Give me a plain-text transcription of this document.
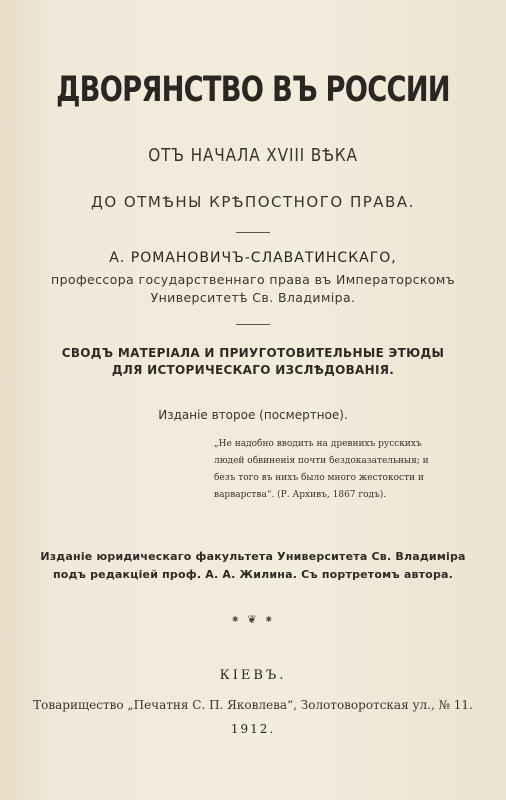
ДВОРЯНСТВО ВЪ РОССИИ
ОТЪ НАЧАЛА XVIII ВѢКА
ДО ОТМѢНЫ КРѢПОСТНОГО ПРАВА.
А. РОМАНОВИЧЪ-СЛАВАТИНСКАГО,
профессора государственнаго права въ Императорскомъ
Университетѣ Св. Владиміра.
СВОДЪ МАТЕРIАЛА И ПРИУГОТОВИТЕЛЬНЫЕ ЭТЮДЫ
ДЛЯ ИСТОРИЧЕСКАГО ИЗСЛѢДОВАНIЯ.
Изданіе второе (посмертное).
„Не надобно вводить на древнихъ русскихъ
людей обвиненія почти бездоказательныя; и
безъ того въ нихъ было много жестокости и
варварства“. (Р. Архивъ, 1867 годъ).
Изданіе юридическаго факультета Университета Св. Владиміра
подъ редакціей проф. А. А. Жилина. Съ портретомъ автора.
⁕ ❦ ⁕
КІЕВЪ.
Товарищество „Печатня С. П. Яковлева“, Золотоворотская ул., № 11.
1912.
